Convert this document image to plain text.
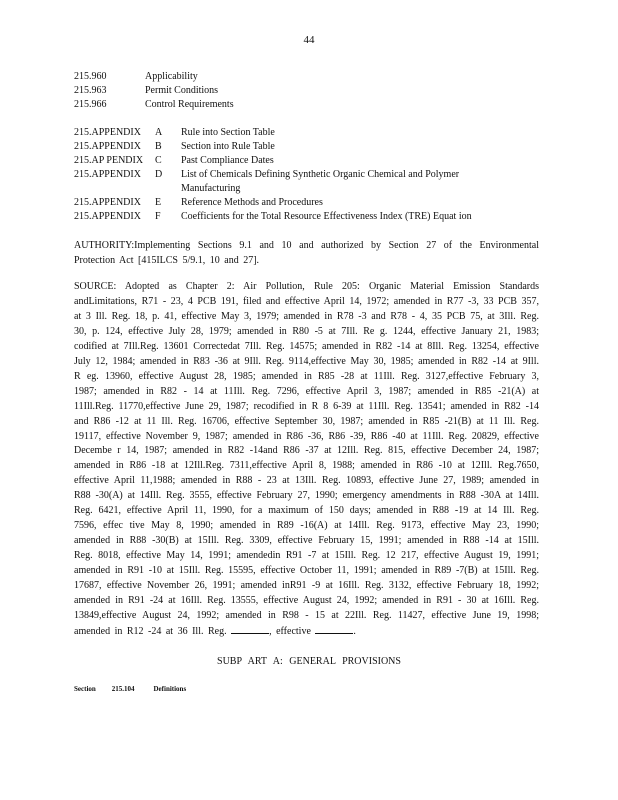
44
215.960	Applicability
215.963	Permit Conditions
215.966	Control Requirements
215.APPENDIX A Rule into Section Table
215.APPENDIX B Section into Rule Table
215.AP PENDIX C Past Compliance Dates
215.APPENDIX D List of Chemicals Defining Synthetic Organic Chemical and Polymer
Manufacturing
215.APPENDIX E Reference Methods and Procedures
215.APPENDIX F Coefficients for the Total Resource Effectiveness Index (TRE) Equat ion
AUTHORITY:Implementing Sections 9.1 and 10 and authorized by Section 27 of the Environmental Protection Act [415ILCS 5/9.1, 10 and 27].
SOURCE: Adopted as Chapter 2: Air Pollution, Rule 205: Organic Material Emission Standards andLimitations, R71 - 23, 4 PCB 191, filed and effective April 14, 1972; amended in R77 -3, 33 PCB 357, at 3 Ill. Reg. 18, p. 41, effective May 3, 1979; amended in R78 -3 and R78 - 4, 35 PCB 75, at 3Ill. Reg. 30, p. 124, effective July 28, 1979; amended in R80 -5 at 7Ill. Re g. 1244, effective January 21, 1983; codified at 7Ill.Reg. 13601 Correctedat 7Ill. Reg. 14575; amended in R82 -14 at 8Ill. Reg. 13254, effective July 12, 1984; amended in R83 -36 at 9Ill. Reg. 9114,effective May 30, 1985; amended in R82 -14 at 9Ill. R eg. 13960, effective August 28, 1985; amended in R85 -28 at 11Ill. Reg. 3127,effective February 3, 1987; amended in R82 - 14 at 11Ill. Reg. 7296, effective April 3, 1987; amended in R85 -21(A) at 11Ill.Reg. 11770,effective June 29, 1987; recodified in R 8 6-39 at 11Ill. Reg. 13541; amended in R82 -14 and R86 -12 at 11 Ill. Reg. 16706, effective September 30, 1987; amended in R85 -21(B) at 11 Ill. Reg. 19117, effective November 9, 1987; amended in R86 -36, R86 -39, R86 -40 at 11Ill. Reg. 20829, effective Decembe r 14, 1987; amended in R82 -14and R86 -37 at 12Ill. Reg. 815, effective December 24, 1987; amended in R86 -18 at 12Ill.Reg. 7311,effective April 8, 1988; amended in R86 -10 at 12Ill. Reg.7650, effective April 11,1988; amended in R88 - 23 at 13Ill. Reg. 10893, effective June 27, 1989; amended in R88 -30(A) at 14Ill. Reg. 3555, effective February 27, 1990; emergency amendments in R88 -30A at 14Ill. Reg. 6421, effective April 11, 1990, for a maximum of 150 days; amended in R88 -19 at 14 Ill. Reg. 7596, effec tive May 8, 1990; amended in R89 -16(A) at 14Ill. Reg. 9173, effective May 23, 1990; amended in R88 -30(B) at 15Ill. Reg. 3309, effective February 15, 1991; amended in R88 -14 at 15Ill. Reg. 8018, effective May 14, 1991; amendedin R91 -7 at 15Ill. Reg. 12 217, effective August 19, 1991; amended in R91 -10 at 15Ill. Reg. 15595, effective October 11, 1991; amended in R89 -7(B) at 15Ill. Reg. 17687, effective November 26, 1991; amended inR91 -9 at 16Ill. Reg. 3132, effective February 18, 1992; amended in R91 -24 at 16Ill. Reg. 13555, effective August 24, 1992; amended in R91 - 30 at 16Ill. Reg. 13849,effective August 24, 1992; amended in R98 - 15 at 22Ill. Reg. 11427, effective June 19, 1998; amended in R12 -24 at 36 Ill. Reg.	, effective	.
SUBP ART A: GENERAL PROVISIONS
Section 215.104	Definitions
